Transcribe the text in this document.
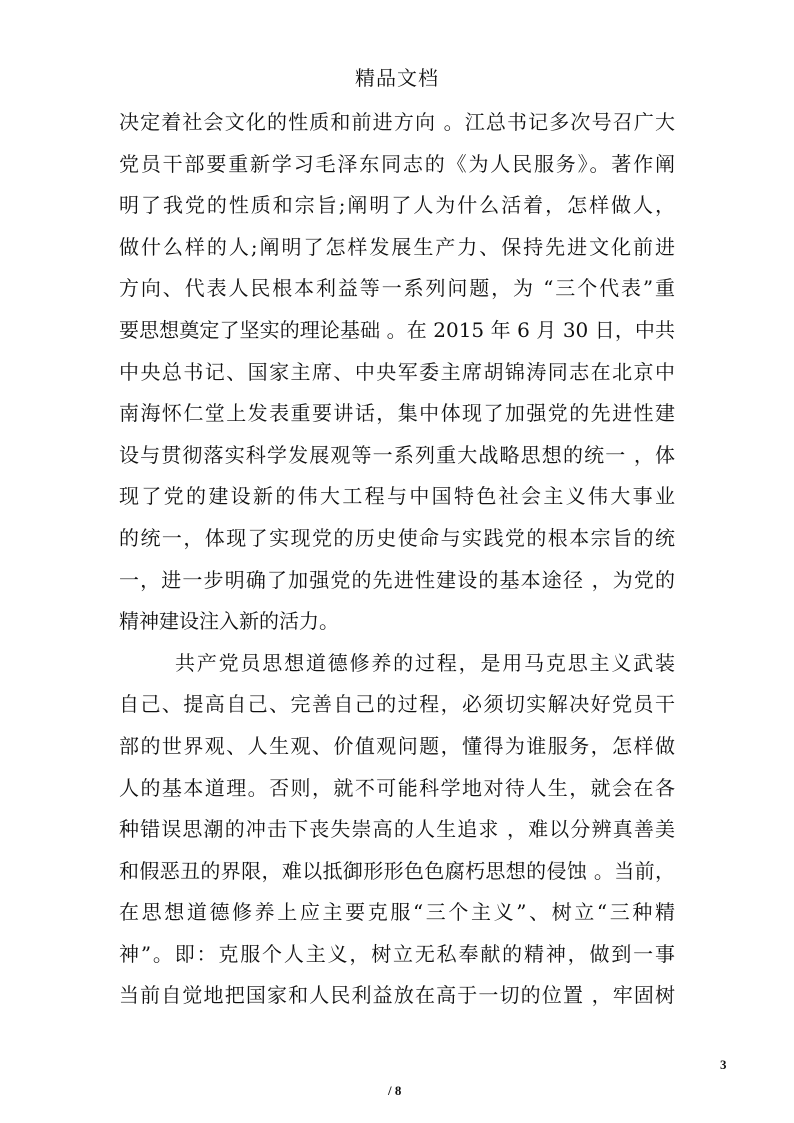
精品文档
决定着社会文化的性质和前进方向 。江总书记多次号召广大
党员干部要重新学习毛泽东同志的《为人民服务》。著作阐
明了我党的性质和宗旨;阐明了人为什么活着，怎样做人，
做什么样的人;阐明了怎样发展生产力、保持先进文化前进
方向、代表人民根本利益等一系列问题，为 “三个代表”重
要思想奠定了坚实的理论基础 。在 2015 年 6 月 30 日，中共
中央总书记、国家主席、中央军委主席胡锦涛同志在北京中
南海怀仁堂上发表重要讲话，集中体现了加强党的先进性建
设与贯彻落实科学发展观等一系列重大战略思想的统一 ，体
现了党的建设新的伟大工程与中国特色社会主义伟大事业
的统一，体现了实现党的历史使命与实践党的根本宗旨的统
一，进一步明确了加强党的先进性建设的基本途径 ，为党的
精神建设注入新的活力。
共产党员思想道德修养的过程，是用马克思主义武装
自己、提高自己、完善自己的过程，必须切实解决好党员干
部的世界观、人生观、价值观问题，懂得为谁服务，怎样做
人的基本道理。否则，就不可能科学地对待人生，就会在各
种错误思潮的冲击下丧失崇高的人生追求 ，难以分辨真善美
和假恶丑的界限，难以抵御形形色色腐朽思想的侵蚀 。当前，
在思想道德修养上应主要克服“三个主义”、树立“三种精
神”。即：克服个人主义，树立无私奉献的精神，做到一事
当前自觉地把国家和人民利益放在高于一切的位置 ，牢固树
3
/ 8
